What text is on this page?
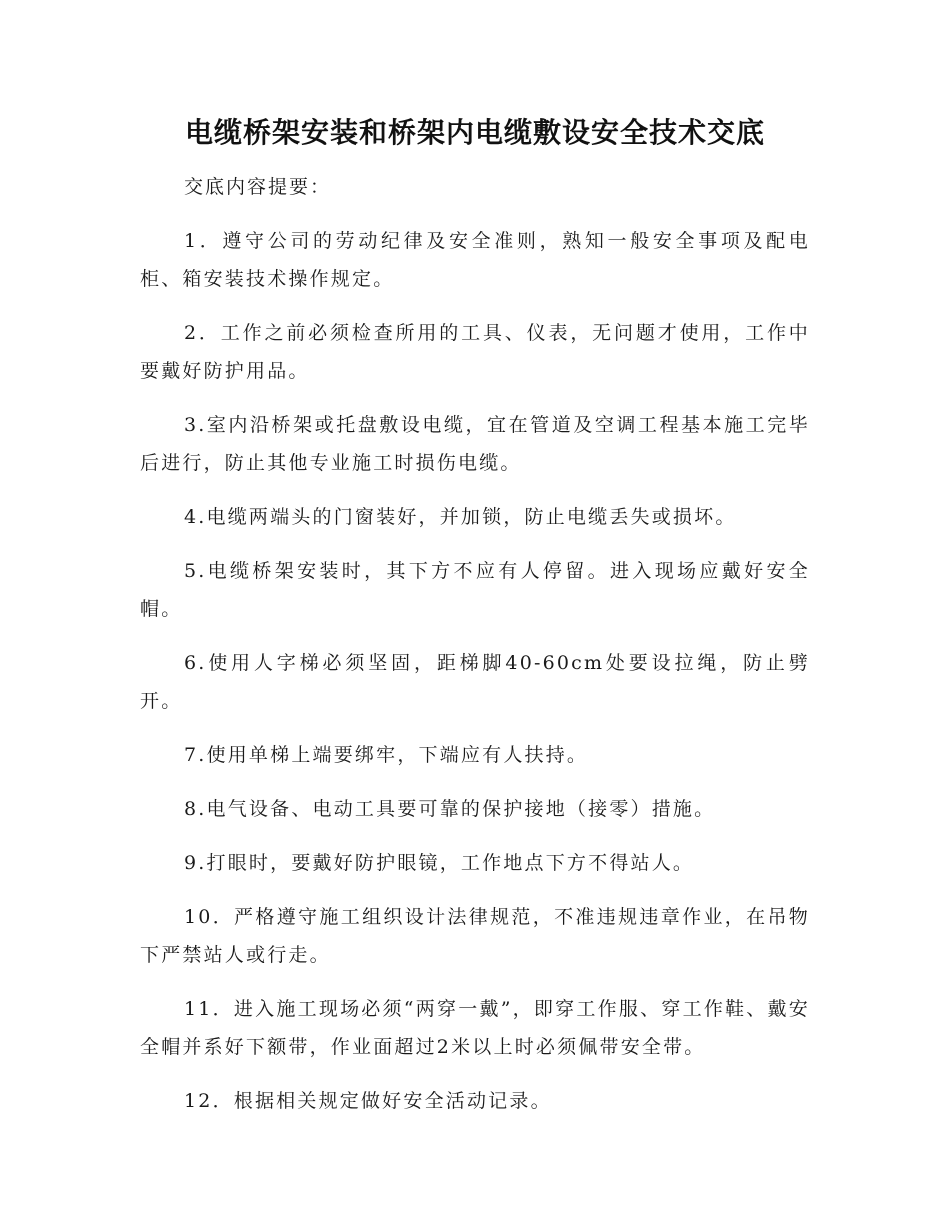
电缆桥架安装和桥架内电缆敷设安全技术交底

交底内容提要：

1．遵守公司的劳动纪律及安全准则，熟知一般安全事项及配电柜、箱安装技术操作规定。

2．工作之前必须检查所用的工具、仪表，无问题才使用，工作中要戴好防护用品。

3.室内沿桥架或托盘敷设电缆，宜在管道及空调工程基本施工完毕后进行，防止其他专业施工时损伤电缆。

4.电缆两端头的门窗装好，并加锁，防止电缆丢失或损坏。

5.电缆桥架安装时，其下方不应有人停留。进入现场应戴好安全帽。

6.使用人字梯必须坚固，距梯脚40-60cm处要设拉绳，防止劈开。

7.使用单梯上端要绑牢，下端应有人扶持。

8.电气设备、电动工具要可靠的保护接地（接零）措施。

9.打眼时，要戴好防护眼镜，工作地点下方不得站人。

10．严格遵守施工组织设计法律规范，不准违规违章作业，在吊物下严禁站人或行走。

11．进入施工现场必须“两穿一戴”，即穿工作服、穿工作鞋、戴安全帽并系好下额带，作业面超过2米以上时必须佩带安全带。

12．根据相关规定做好安全活动记录。
